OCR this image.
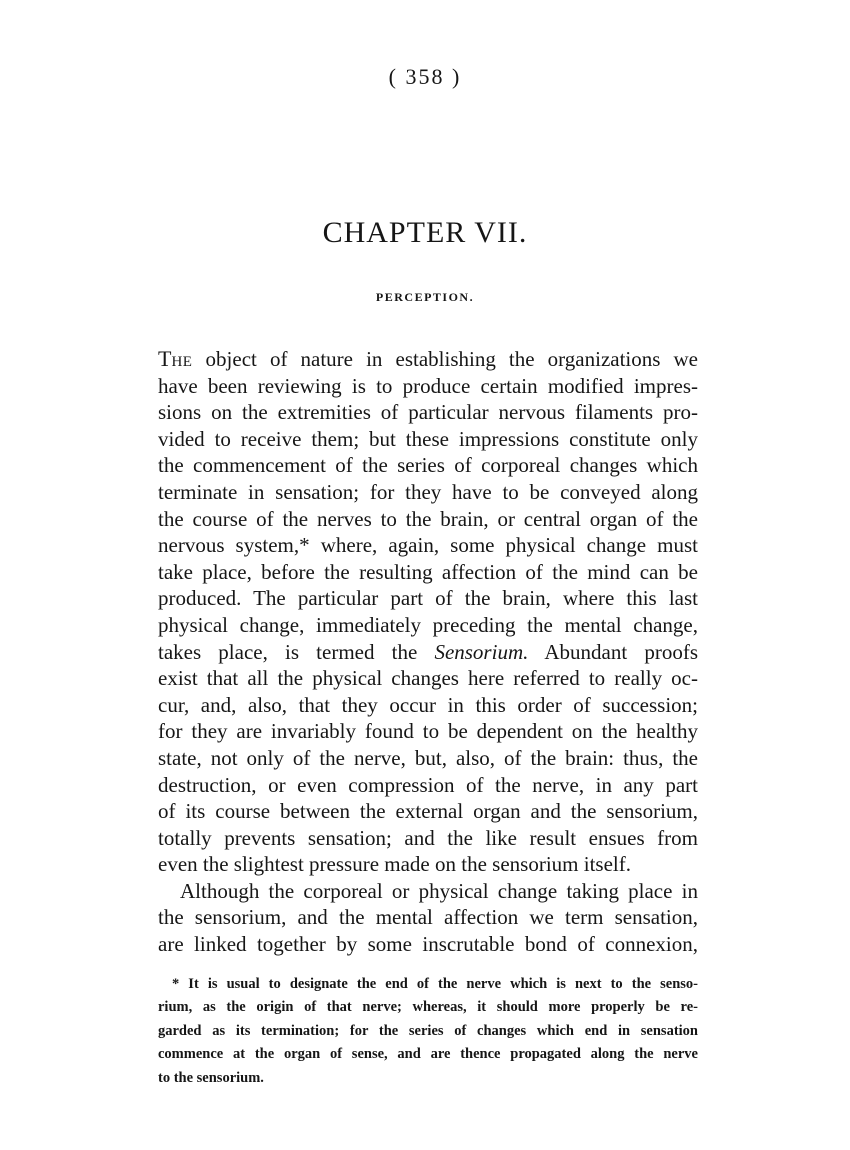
( 358 )
CHAPTER VII.
PERCEPTION.
THE object of nature in establishing the organizations we
have been reviewing is to produce certain modified impres-
sions on the extremities of particular nervous filaments pro-
vided to receive them; but these impressions constitute only
the commencement of the series of corporeal changes which
terminate in sensation; for they have to be conveyed along
the course of the nerves to the brain, or central organ of the
nervous system,* where, again, some physical change must
take place, before the resulting affection of the mind can be
produced. The particular part of the brain, where this last
physical change, immediately preceding the mental change,
takes place, is termed the Sensorium. Abundant proofs
exist that all the physical changes here referred to really oc-
cur, and, also, that they occur in this order of succession;
for they are invariably found to be dependent on the healthy
state, not only of the nerve, but, also, of the brain: thus, the
destruction, or even compression of the nerve, in any part
of its course between the external organ and the sensorium,
totally prevents sensation; and the like result ensues from
even the slightest pressure made on the sensorium itself.
Although the corporeal or physical change taking place in
the sensorium, and the mental affection we term sensation,
are linked together by some inscrutable bond of connexion,
* It is usual to designate the end of the nerve which is next to the senso-
rium, as the origin of that nerve; whereas, it should more properly be re-
garded as its termination; for the series of changes which end in sensation
commence at the organ of sense, and are thence propagated along the nerve
to the sensorium.
